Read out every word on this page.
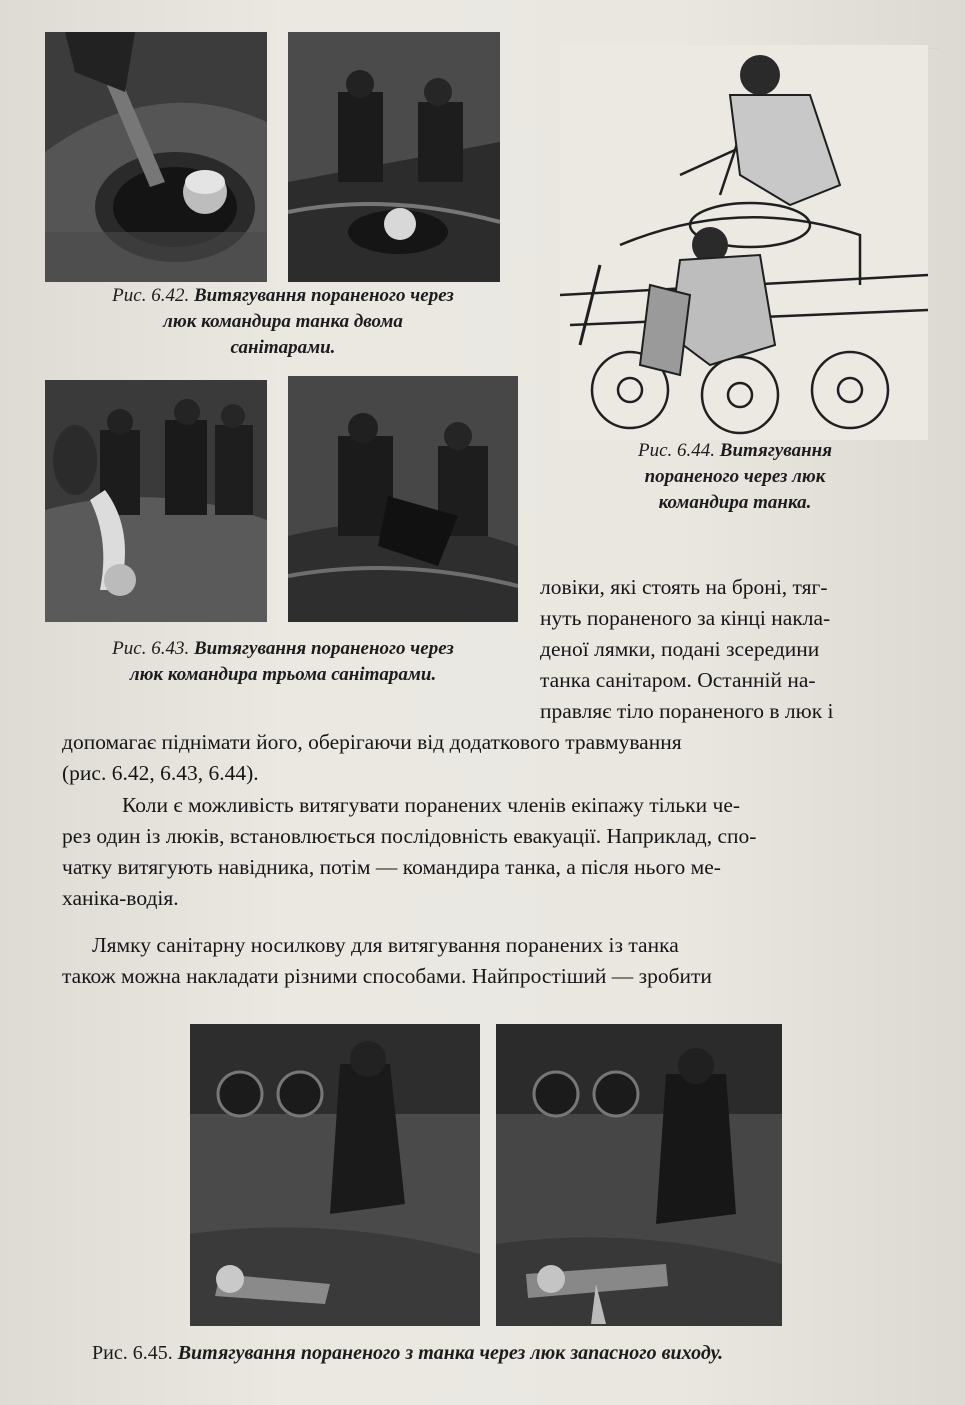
Рис. 6.42. Витягування пораненого через
люк командира танка двома
санітарами.
Рис. 6.44. Витягування
пораненого через люк
командира танка.
Рис. 6.43. Витягування пораненого через
люк командира трьома санітарами.
ловіки, які стоять на броні, тяг-
нуть пораненого за кінці накла-
деної лямки, подані зсередини
танка санітаром. Останній на-
правляє тіло пораненого в люк і
допомагає піднімати його, оберігаючи від додаткового травмування
(рис. 6.42, 6.43, 6.44).
Коли є можливість витягувати поранених членів екіпажу тільки че-
рез один із люків, встановлюється послідовність евакуації. Наприклад, спо-
чатку витягують навідника, потім — командира танка, а після нього ме-
ханіка-водія.
Лямку санітарну носилкову для витягування поранених із танка
також можна накладати різними способами. Найпростіший — зробити
Рис. 6.45. Витягування пораненого з танка через люк запасного виходу.
